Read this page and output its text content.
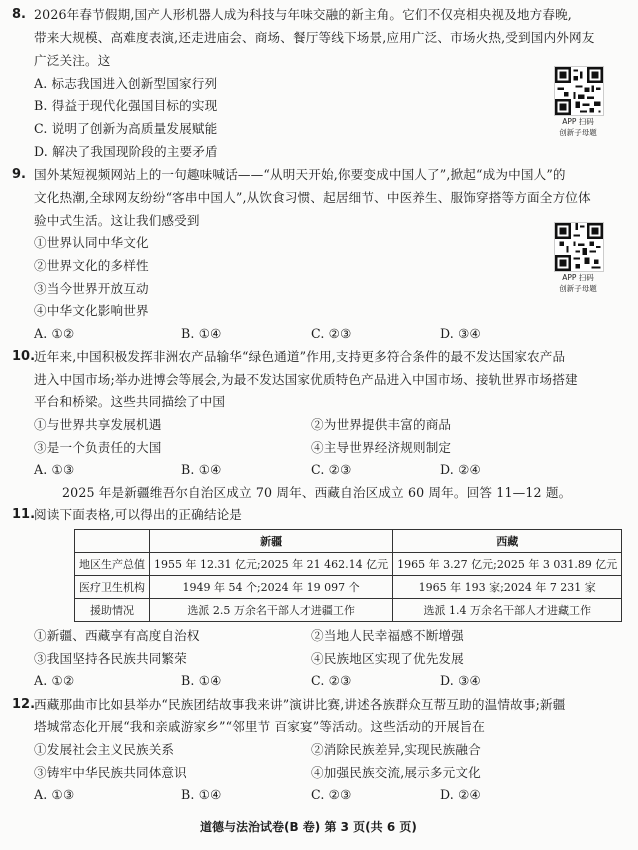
8. 2026年春节假期,国产人形机器人成为科技与年味交融的新主角。它们不仅亮相央视及地方春晚,
带来大规模、高难度表演,还走进庙会、商场、餐厅等线下场景,应用广泛、市场火热,受到国内外网友
广泛关注。这
A. 标志我国进入创新型国家行列
B. 得益于现代化强国目标的实现
C. 说明了创新为高质量发展赋能
D. 解决了我国现阶段的主要矛盾
APP 扫码
创新子母题
9. 国外某短视频网站上的一句趣味喊话——“从明天开始,你要变成中国人了”,掀起“成为中国人”的
文化热潮,全球网友纷纷“客串中国人”,从饮食习惯、起居细节、中医养生、服饰穿搭等方面全方位体
验中式生活。这让我们感受到
①世界认同中华文化
②世界文化的多样性
③当今世界开放互动
④中华文化影响世界
A. ①②	B. ①④	C. ②③	D. ③④
APP 扫码
创新子母题
10.
近年来,中国积极发挥非洲农产品输华“绿色通道”作用,支持更多符合条件的最不发达国家农产品
进入中国市场;举办进博会等展会,为最不发达国家优质特色产品进入中国市场、接轨世界市场搭建
平台和桥梁。这些共同描绘了中国
①与世界共享发展机遇	②为世界提供丰富的商品
③是一个负责任的大国	④主导世界经济规则制定
A. ①③	B. ①④	C. ②③	D. ②④
2025 年是新疆维吾尔自治区成立 70 周年、西藏自治区成立 60 周年。回答 11—12 题。
11.
阅读下面表格,可以得出的正确结论是
	新疆	西藏
地区生产总值	1955 年 12.31 亿元;2025 年 21 462.14 亿元	1965 年 3.27 亿元;2025 年 3 031.89 亿元
医疗卫生机构	1949 年 54 个;2024 年 19 097 个	1965 年 193 家;2024 年 7 231 家
援助情况	选派 2.5 万余名干部人才进疆工作	选派 1.4 万余名干部人才进藏工作
①新疆、西藏享有高度自治权	②当地人民幸福感不断增强
③我国坚持各民族共同繁荣	④民族地区实现了优先发展
A. ①②	B. ①④	C. ②③	D. ③④
12.
西藏那曲市比如县举办“民族团结故事我来讲”演讲比赛,讲述各族群众互帮互助的温情故事;新疆
塔城常态化开展“我和亲戚游家乡”“邻里节 百家宴”等活动。这些活动的开展旨在
①发展社会主义民族关系	②消除民族差异,实现民族融合
③铸牢中华民族共同体意识	④加强民族交流,展示多元文化
A. ①③	B. ①④	C. ②③	D. ②④
道德与法治试卷(B 卷) 第 3 页(共 6 页)
